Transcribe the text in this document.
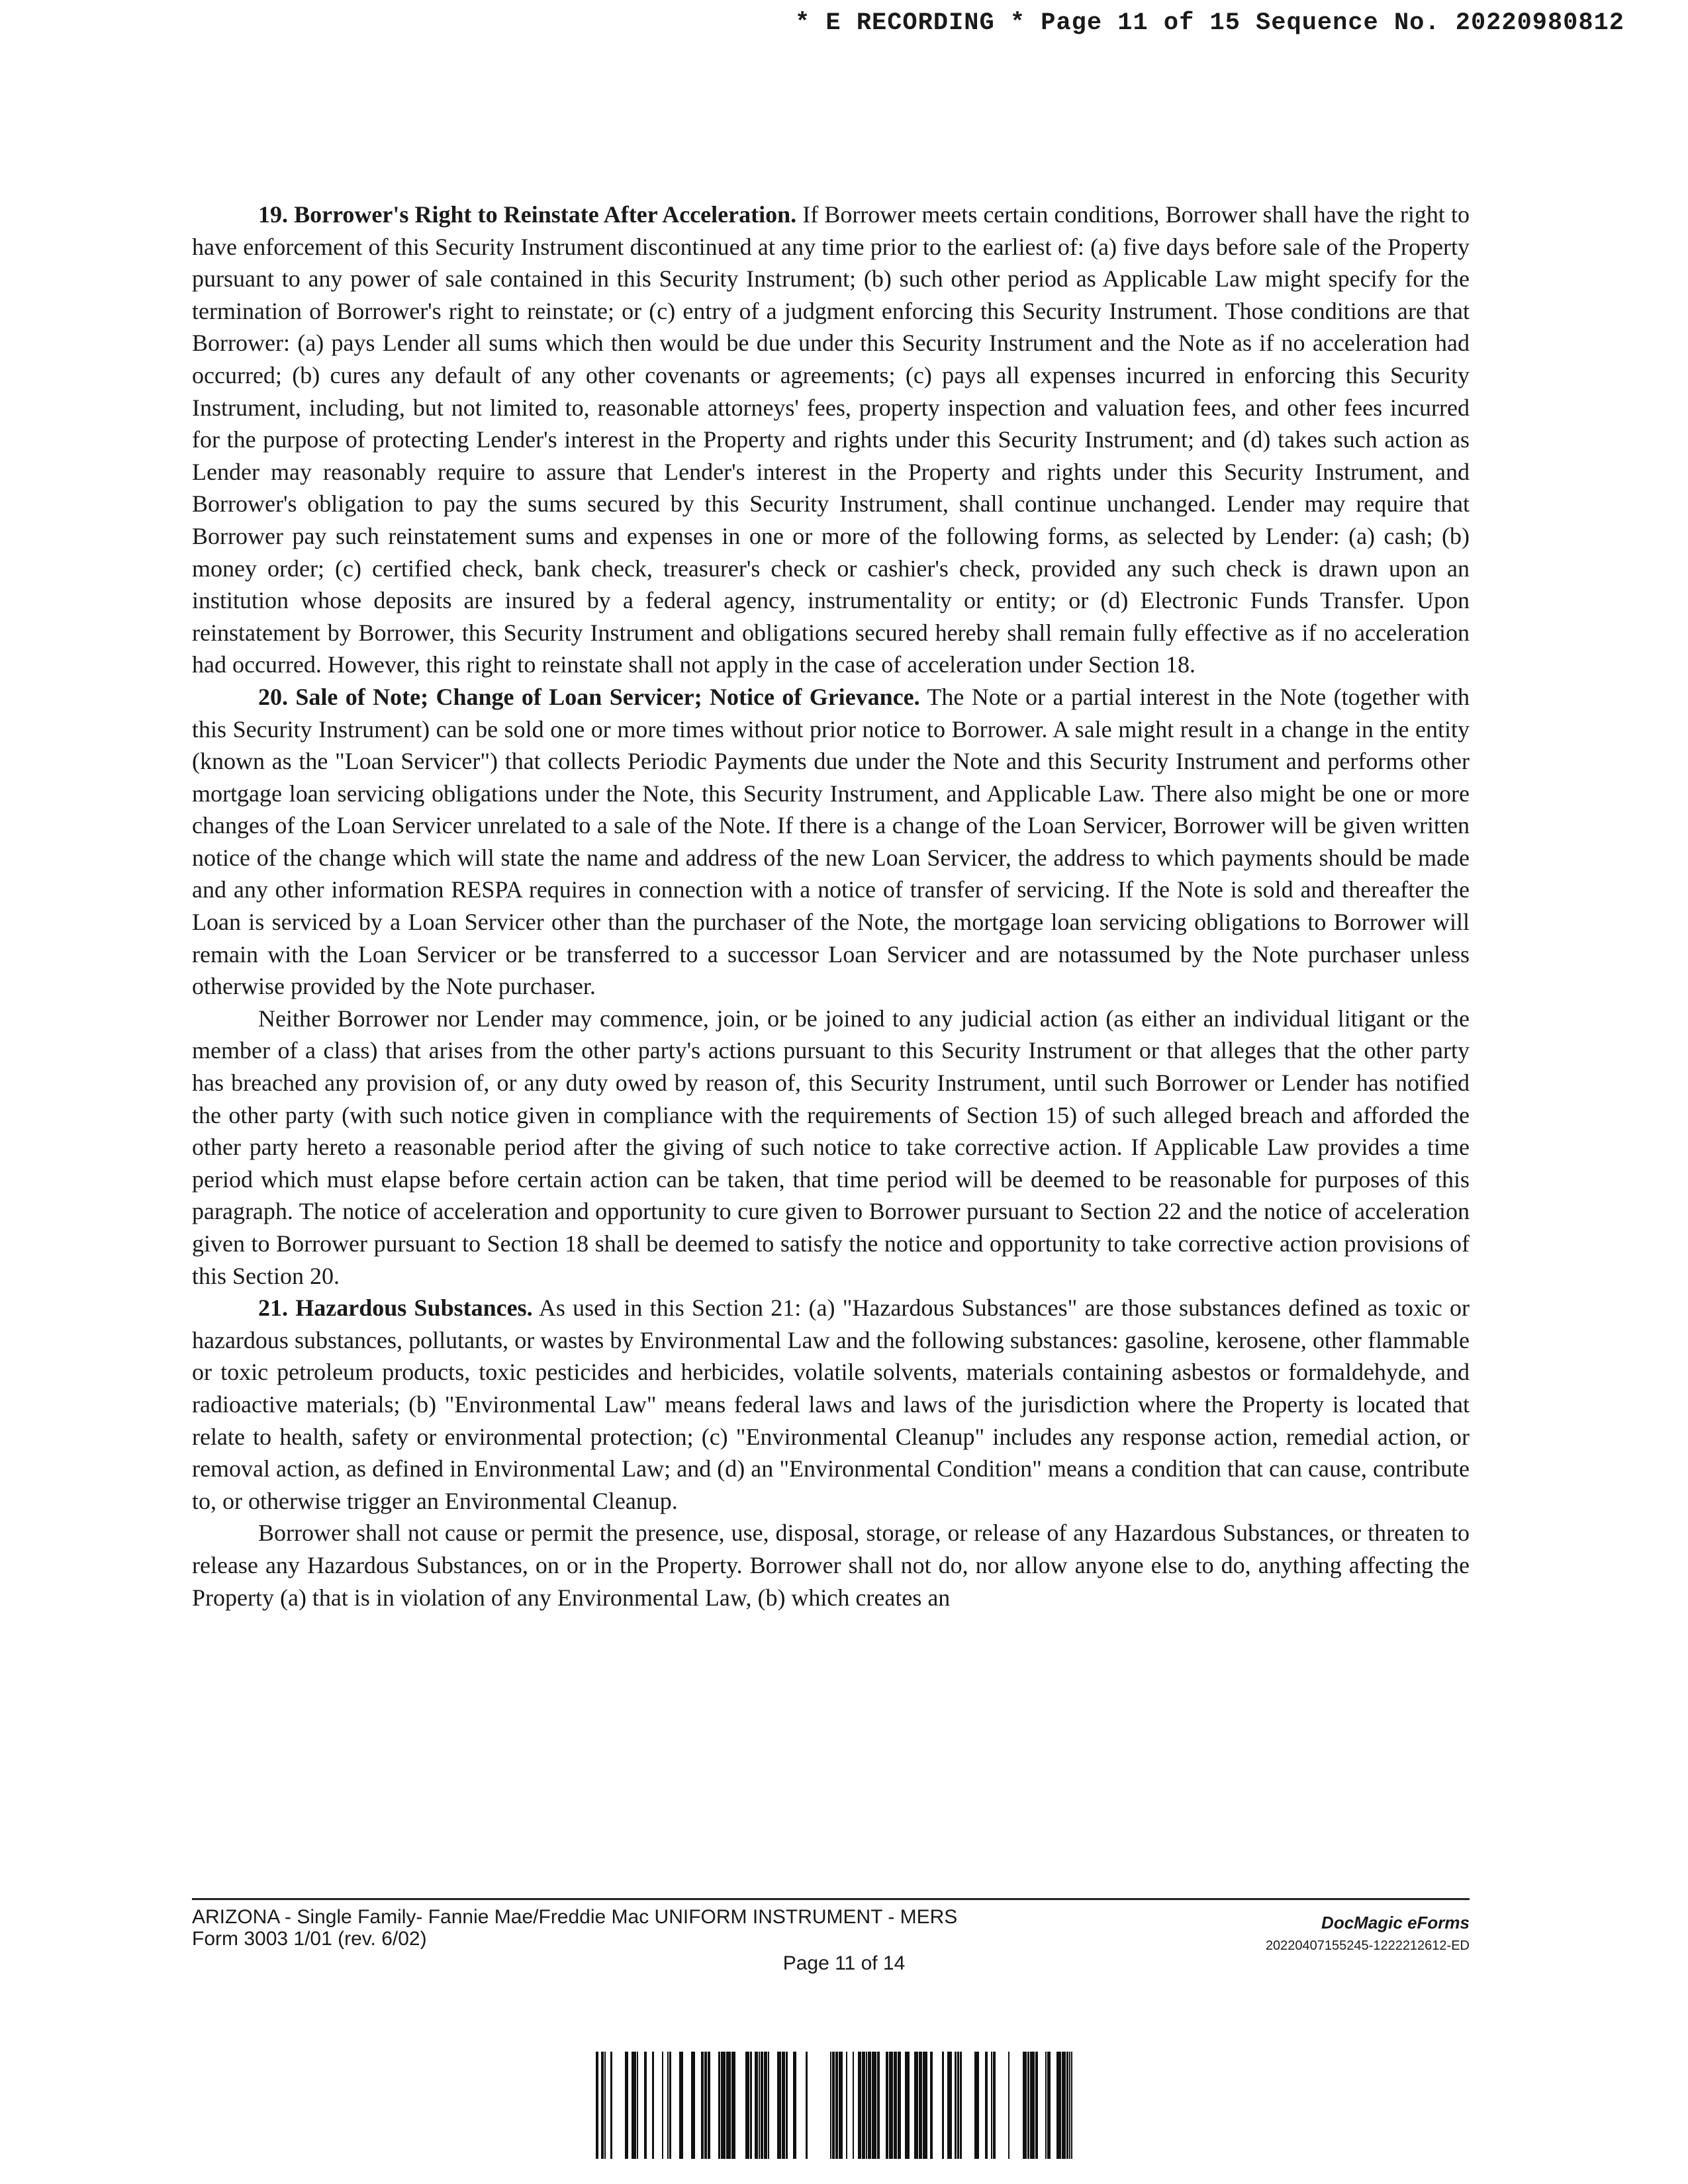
* E RECORDING * Page 11 of 15 Sequence No. 20220980812

19. Borrower's Right to Reinstate After Acceleration. If Borrower meets certain conditions, Borrower shall have the right to have enforcement of this Security Instrument discontinued at any time prior to the earliest of: (a) five days before sale of the Property pursuant to any power of sale contained in this Security Instrument; (b) such other period as Applicable Law might specify for the termination of Borrower's right to reinstate; or (c) entry of a judgment enforcing this Security Instrument. Those conditions are that Borrower: (a) pays Lender all sums which then would be due under this Security Instrument and the Note as if no acceleration had occurred; (b) cures any default of any other covenants or agreements; (c) pays all expenses incurred in enforcing this Security Instrument, including, but not limited to, reasonable attorneys' fees, property inspection and valuation fees, and other fees incurred for the purpose of protecting Lender's interest in the Property and rights under this Security Instrument; and (d) takes such action as Lender may reasonably require to assure that Lender's interest in the Property and rights under this Security Instrument, and Borrower's obligation to pay the sums secured by this Security Instrument, shall continue unchanged. Lender may require that Borrower pay such reinstatement sums and expenses in one or more of the following forms, as selected by Lender: (a) cash; (b) money order; (c) certified check, bank check, treasurer's check or cashier's check, provided any such check is drawn upon an institution whose deposits are insured by a federal agency, instrumentality or entity; or (d) Electronic Funds Transfer. Upon reinstatement by Borrower, this Security Instrument and obligations secured hereby shall remain fully effective as if no acceleration had occurred. However, this right to reinstate shall not apply in the case of acceleration under Section 18.

20. Sale of Note; Change of Loan Servicer; Notice of Grievance. The Note or a partial interest in the Note (together with this Security Instrument) can be sold one or more times without prior notice to Borrower. A sale might result in a change in the entity (known as the "Loan Servicer") that collects Periodic Payments due under the Note and this Security Instrument and performs other mortgage loan servicing obligations under the Note, this Security Instrument, and Applicable Law. There also might be one or more changes of the Loan Servicer unrelated to a sale of the Note. If there is a change of the Loan Servicer, Borrower will be given written notice of the change which will state the name and address of the new Loan Servicer, the address to which payments should be made and any other information RESPA requires in connection with a notice of transfer of servicing. If the Note is sold and thereafter the Loan is serviced by a Loan Servicer other than the purchaser of the Note, the mortgage loan servicing obligations to Borrower will remain with the Loan Servicer or be transferred to a successor Loan Servicer and are notassumed by the Note purchaser unless otherwise provided by the Note purchaser.

Neither Borrower nor Lender may commence, join, or be joined to any judicial action (as either an individual litigant or the member of a class) that arises from the other party's actions pursuant to this Security Instrument or that alleges that the other party has breached any provision of, or any duty owed by reason of, this Security Instrument, until such Borrower or Lender has notified the other party (with such notice given in compliance with the requirements of Section 15) of such alleged breach and afforded the other party hereto a reasonable period after the giving of such notice to take corrective action. If Applicable Law provides a time period which must elapse before certain action can be taken, that time period will be deemed to be reasonable for purposes of this paragraph. The notice of acceleration and opportunity to cure given to Borrower pursuant to Section 22 and the notice of acceleration given to Borrower pursuant to Section 18 shall be deemed to satisfy the notice and opportunity to take corrective action provisions of this Section 20.

21. Hazardous Substances. As used in this Section 21: (a) "Hazardous Substances" are those substances defined as toxic or hazardous substances, pollutants, or wastes by Environmental Law and the following substances: gasoline, kerosene, other flammable or toxic petroleum products, toxic pesticides and herbicides, volatile solvents, materials containing asbestos or formaldehyde, and radioactive materials; (b) "Environmental Law" means federal laws and laws of the jurisdiction where the Property is located that relate to health, safety or environmental protection; (c) "Environmental Cleanup" includes any response action, remedial action, or removal action, as defined in Environmental Law; and (d) an "Environmental Condition" means a condition that can cause, contribute to, or otherwise trigger an Environmental Cleanup.

Borrower shall not cause or permit the presence, use, disposal, storage, or release of any Hazardous Substances, or threaten to release any Hazardous Substances, on or in the Property. Borrower shall not do, nor allow anyone else to do, anything affecting the Property (a) that is in violation of any Environmental Law, (b) which creates an

ARIZONA - Single Family- Fannie Mae/Freddie Mac UNIFORM INSTRUMENT - MERS
Form 3003 1/01 (rev. 6/02)
DocMagic eForms
20220407155245-1222212612-ED
Page 11 of 14
